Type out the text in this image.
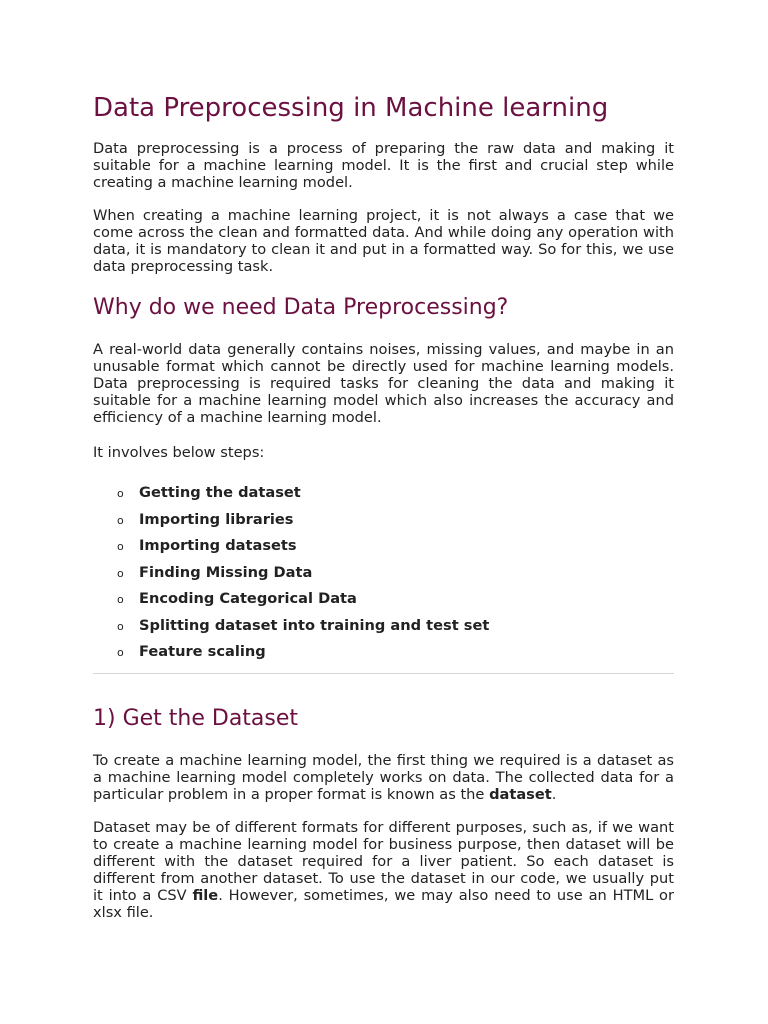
Data Preprocessing in Machine learning

Data preprocessing is a process of preparing the raw data and making it suitable for a machine learning model. It is the first and crucial step while creating a machine learning model.

When creating a machine learning project, it is not always a case that we come across the clean and formatted data. And while doing any operation with data, it is mandatory to clean it and put in a formatted way. So for this, we use data preprocessing task.

Why do we need Data Preprocessing?

A real-world data generally contains noises, missing values, and maybe in an unusable format which cannot be directly used for machine learning models. Data preprocessing is required tasks for cleaning the data and making it suitable for a machine learning model which also increases the accuracy and efficiency of a machine learning model.

It involves below steps:

o	Getting the dataset
o	Importing libraries
o	Importing datasets
o	Finding Missing Data
o	Encoding Categorical Data
o	Splitting dataset into training and test set
o	Feature scaling
1) Get the Dataset

To create a machine learning model, the first thing we required is a dataset as a machine learning model completely works on data. The collected data for a particular problem in a proper format is known as the dataset.

Dataset may be of different formats for different purposes, such as, if we want to create a machine learning model for business purpose, then dataset will be different with the dataset required for a liver patient. So each dataset is different from another dataset. To use the dataset in our code, we usually put it into a CSV file. However, sometimes, we may also need to use an HTML or xlsx file.
